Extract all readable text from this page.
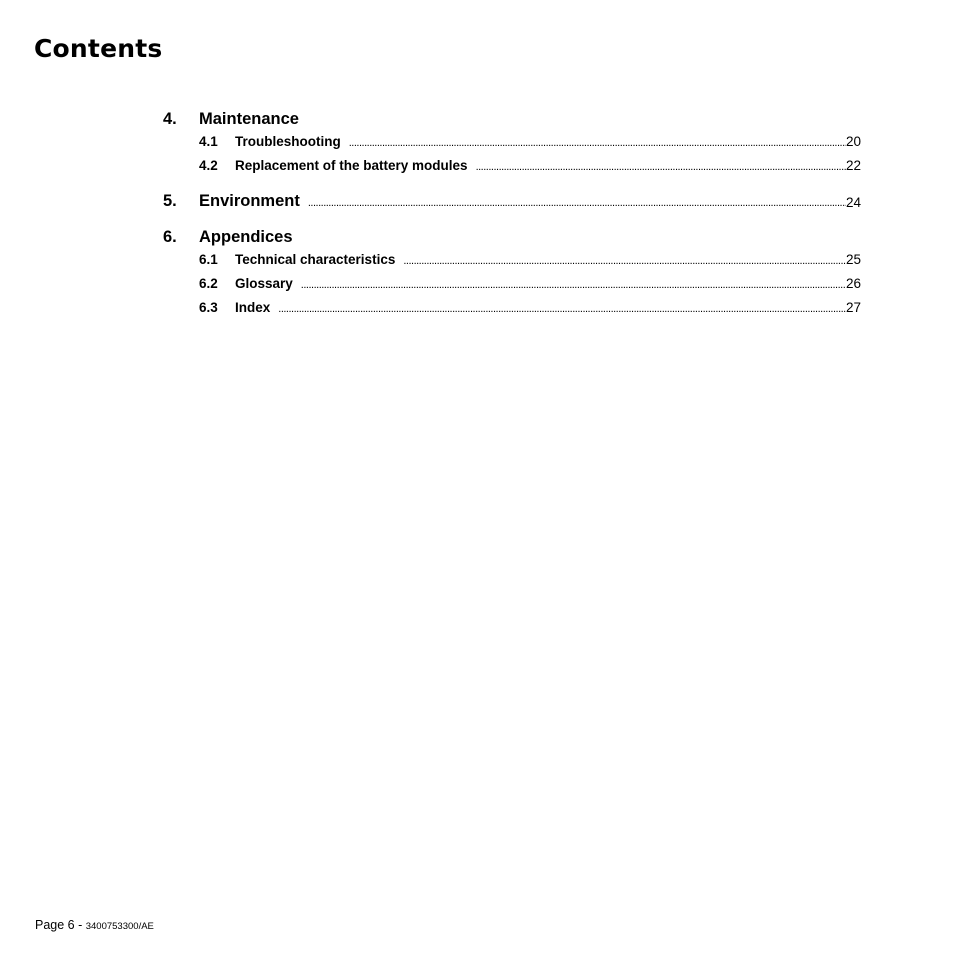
Contents
4.	Maintenance
4.1	Troubleshooting .....	20
4.2	Replacement of the battery modules .....	22
5.	Environment .....	24
6.	Appendices
6.1	Technical characteristics .....	25
6.2	Glossary .....	26
6.3	Index .....	27
Page 6 - 3400753300/AE
